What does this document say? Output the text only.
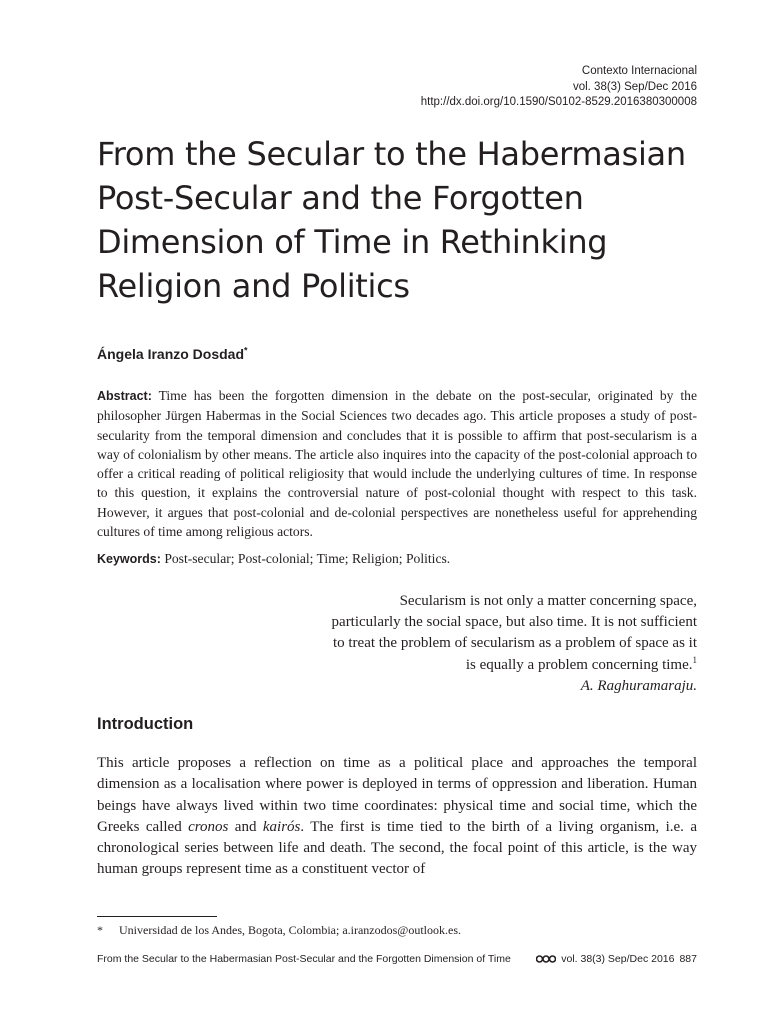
Contexto Internacional
vol. 38(3) Sep/Dec 2016
http://dx.doi.org/10.1590/S0102-8529.2016380300008
From the Secular to the Habermasian
Post-Secular and the Forgotten
Dimension of Time in Rethinking
Religion and Politics
Ángela Iranzo Dosdad*

Abstract: Time has been the forgotten dimension in the debate on the post-secular, originated by the philosopher Jürgen Habermas in the Social Sciences two decades ago. This article proposes a study of post-secularity from the temporal dimension and concludes that it is possible to affirm that post-secularism is a way of colonialism by other means. The article also inquires into the capacity of the post-colonial approach to offer a critical reading of political religiosity that would include the underlying cultures of time. In response to this question, it explains the controversial nature of post-colonial thought with respect to this task. However, it argues that post-colonial and de-colonial perspectives are nonetheless useful for apprehending cultures of time among religious actors.

Keywords: Post-secular; Post-colonial; Time; Religion; Politics.

Secularism is not only a matter concerning space,
particularly the social space, but also time. It is not sufficient
to treat the problem of secularism as a problem of space as it
is equally a problem concerning time.$^1$
A. Raghuramaraju.
Introduction

This article proposes a reflection on time as a political place and approaches the temporal dimension as a localisation where power is deployed in terms of oppression and liberation. Human beings have always lived within two time coordinates: physical time and social time, which the Greeks called cronos and kairós. The first is time tied to the birth of a living organism, i.e. a chronological series between life and death. The second, the focal point of this article, is the way human groups represent time as a constituent vector of

* Universidad de los Andes, Bogota, Colombia; a.iranzodos@outlook.es.
From the Secular to the Habermasian Post-Secular and the Forgotten Dimension of Time	vol. 38(3) Sep/Dec 2016 887
